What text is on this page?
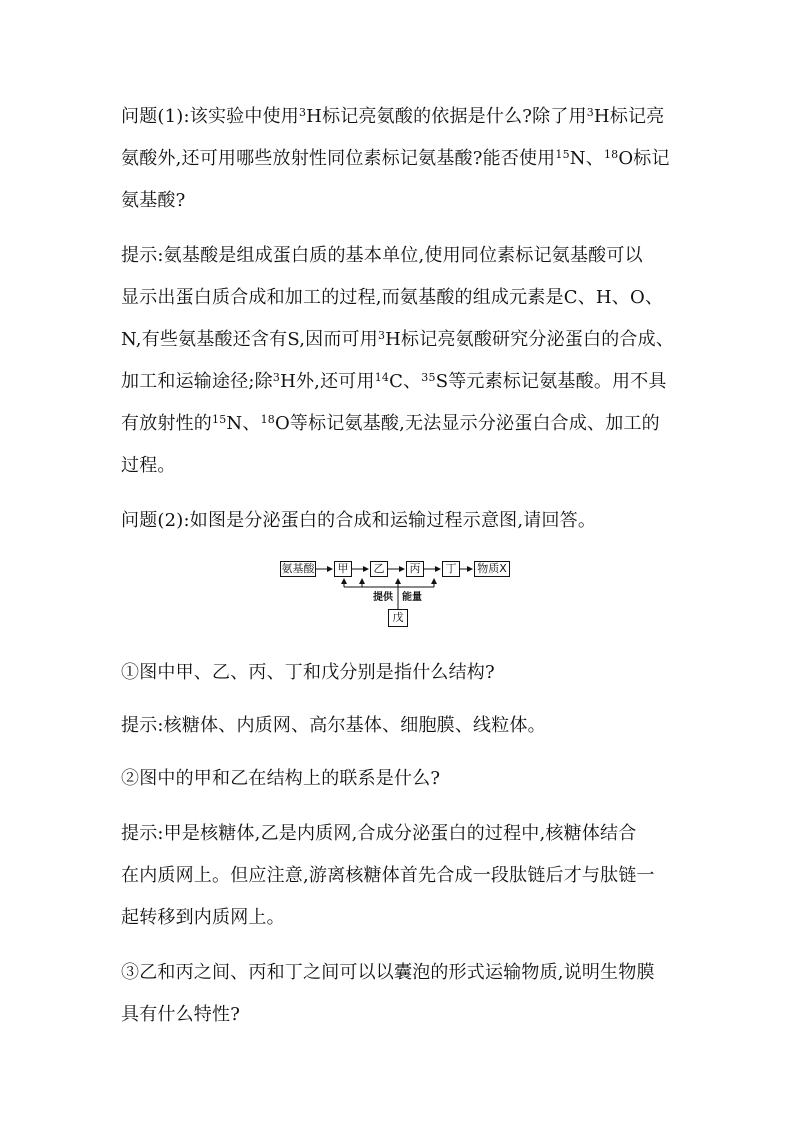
问题(1):该实验中使用$^3$H标记亮氨酸的依据是什么?除了用$^3$H标记亮
氨酸外,还可用哪些放射性同位素标记氨基酸?能否使用$^{15}$N、$^{18}$O标记
氨基酸?
提示:氨基酸是组成蛋白质的基本单位,使用同位素标记氨基酸可以
显示出蛋白质合成和加工的过程,而氨基酸的组成元素是C、H、O、
N,有些氨基酸还含有S,因而可用$^3$H标记亮氨酸研究分泌蛋白的合成、
加工和运输途径;除$^3$H外,还可用$^{14}$C、$^{35}$S等元素标记氨基酸。用不具
有放射性的$^{15}$N、$^{18}$O等标记氨基酸,无法显示分泌蛋白合成、加工的
过程。
问题(2):如图是分泌蛋白的合成和运输过程示意图,请回答。
氨基酸	甲	乙	丙	丁	物质X
提供 能量
戊
①图中甲、乙、丙、丁和戊分别是指什么结构?
提示:核糖体、内质网、高尔基体、细胞膜、线粒体。
②图中的甲和乙在结构上的联系是什么?
提示:甲是核糖体,乙是内质网,合成分泌蛋白的过程中,核糖体结合
在内质网上。但应注意,游离核糖体首先合成一段肽链后才与肽链一
起转移到内质网上。
③乙和丙之间、丙和丁之间可以以囊泡的形式运输物质,说明生物膜
具有什么特性?
